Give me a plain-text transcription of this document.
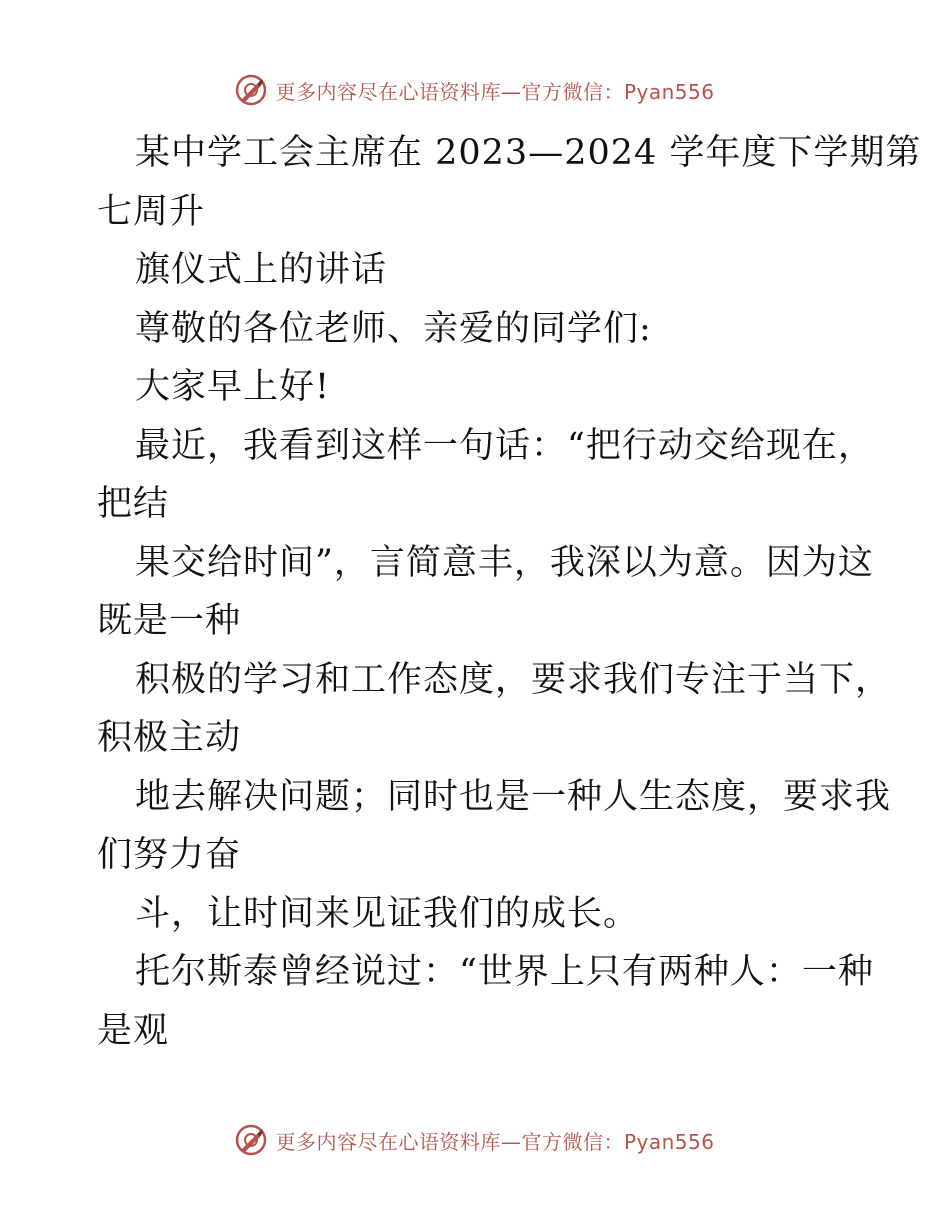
更多内容尽在心语资料库—官方微信：Pyan556
某中学工会主席在 2023—2024 学年度下学期第
七周升
旗仪式上的讲话
尊敬的各位老师、亲爱的同学们:
大家早上好!
最近，我看到这样一句话：“把行动交给现在，
把结
果交给时间”，言简意丰，我深以为意。因为这
既是一种
积极的学习和工作态度，要求我们专注于当下，
积极主动
地去解决问题；同时也是一种人生态度，要求我
们努力奋
斗，让时间来见证我们的成长。
托尔斯泰曾经说过：“世界上只有两种人：一种
是观
更多内容尽在心语资料库—官方微信：Pyan556
